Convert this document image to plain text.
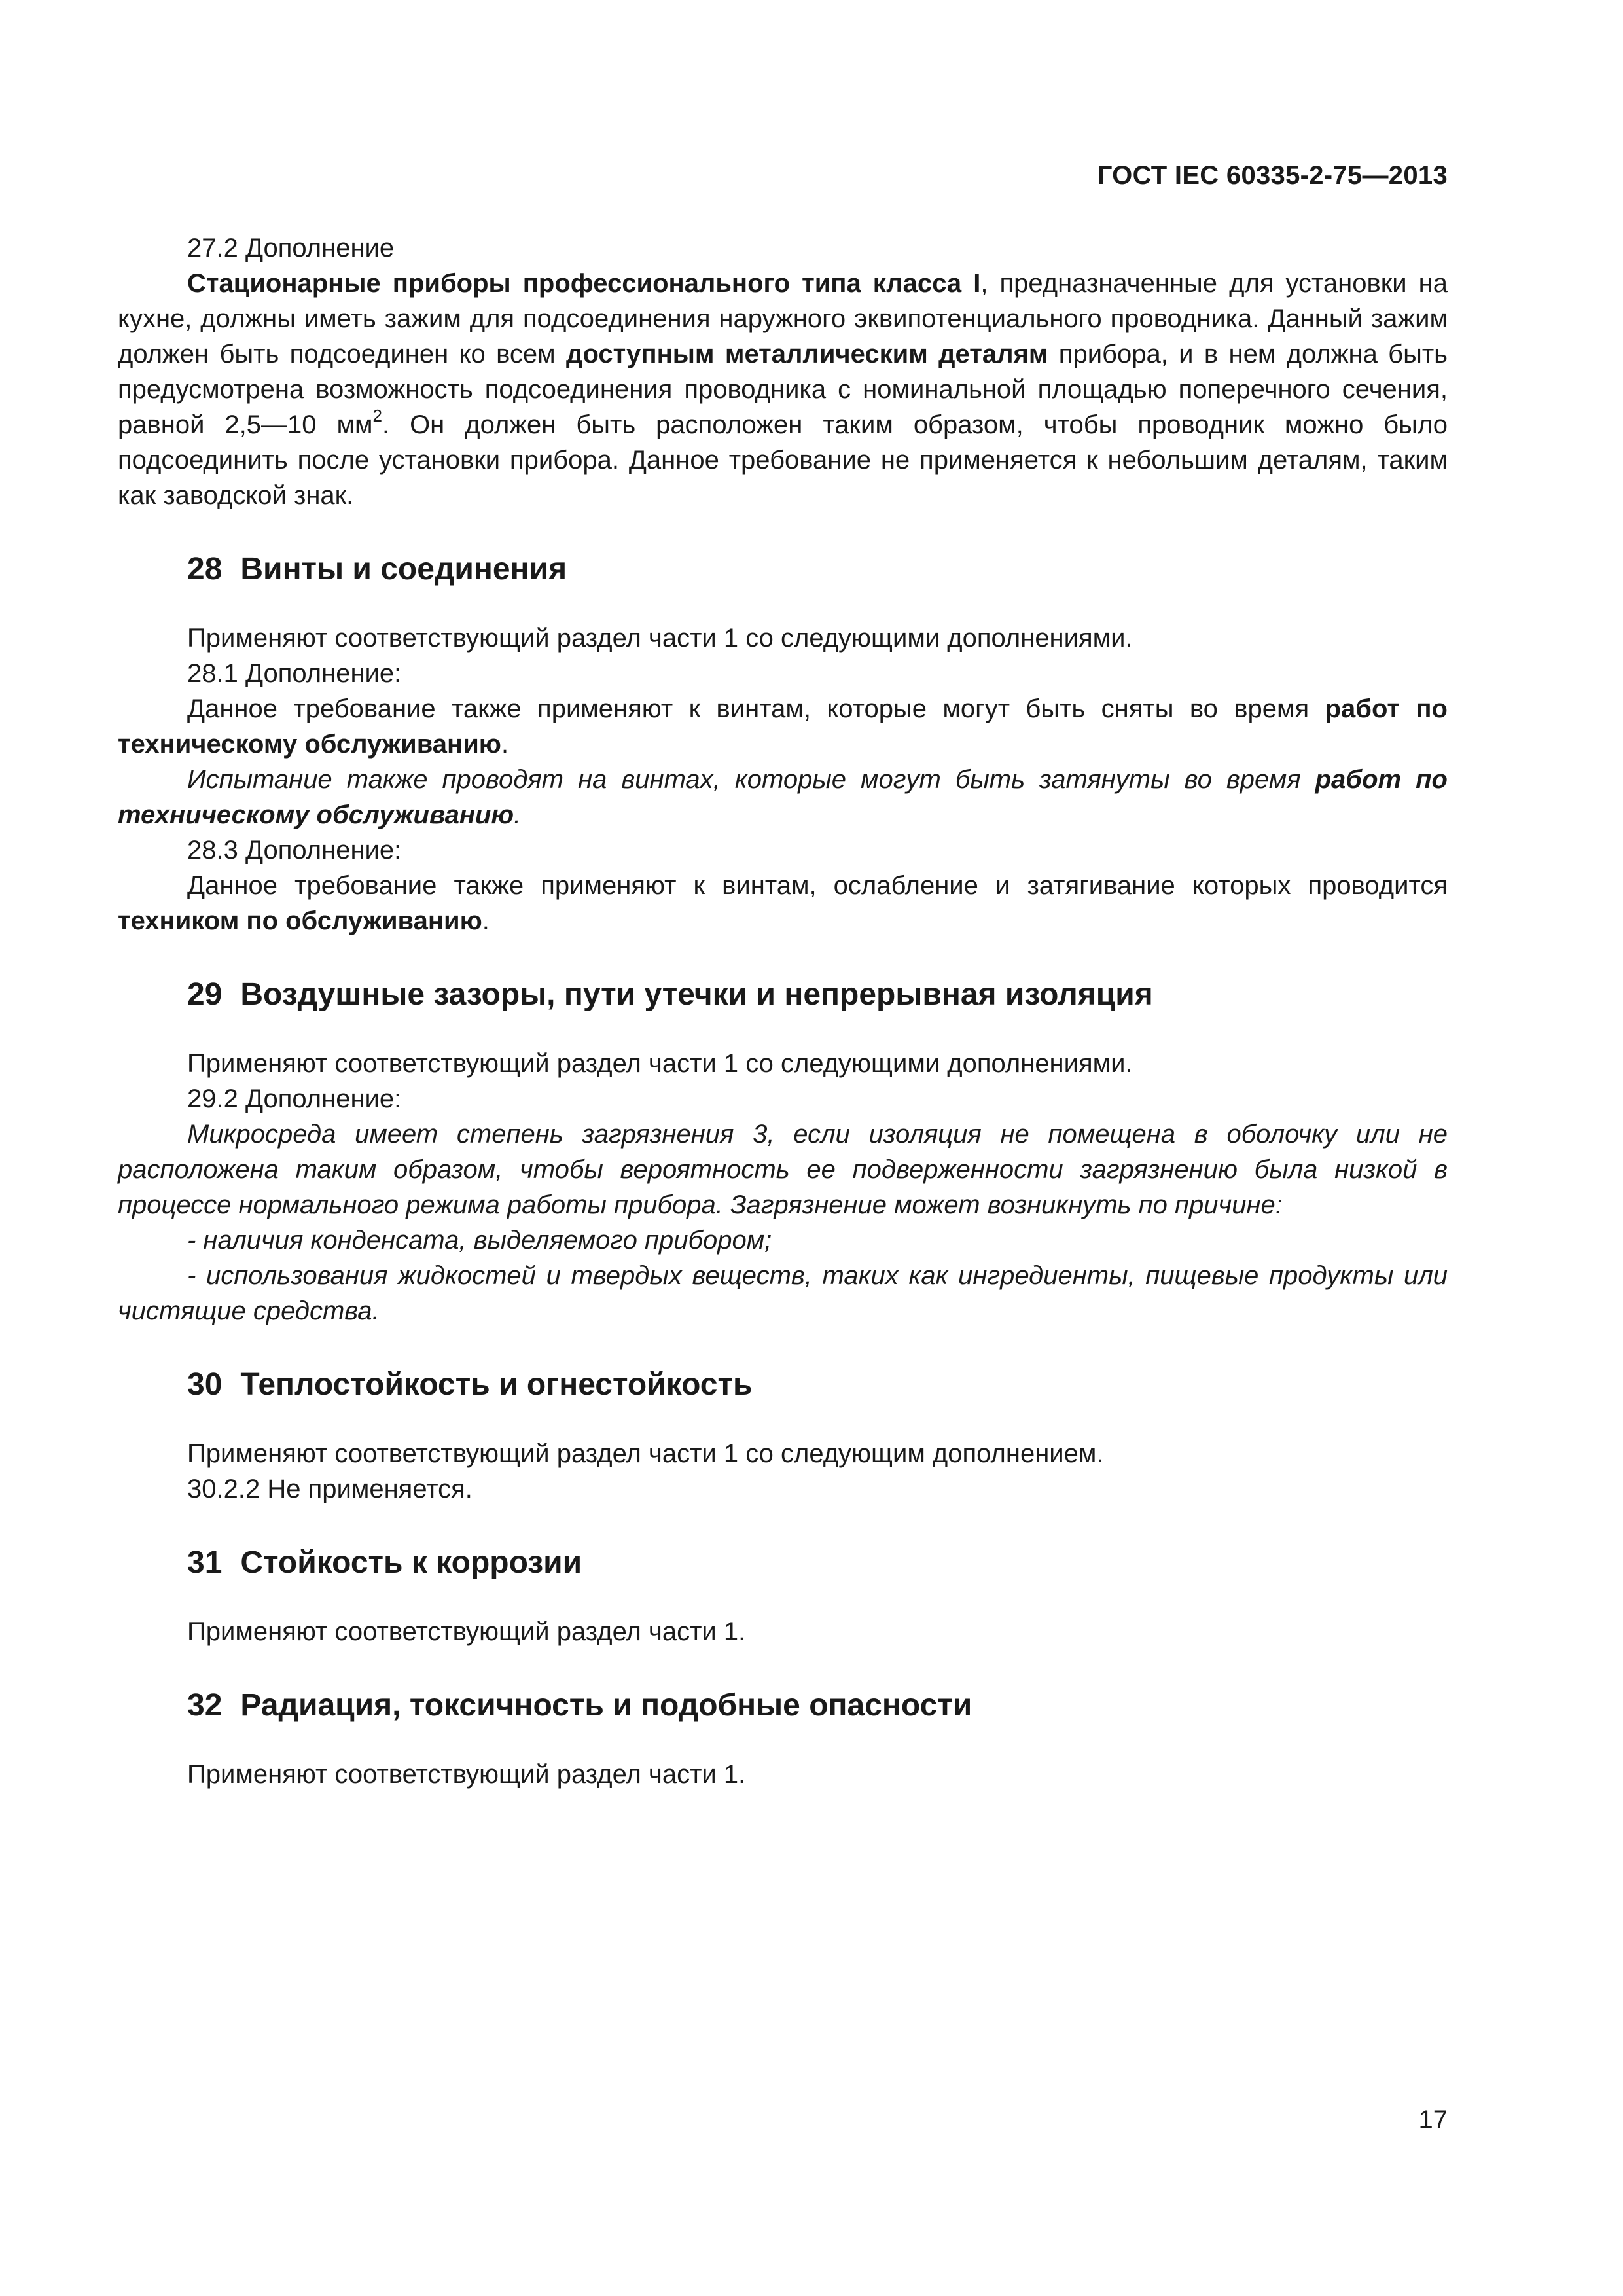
ГОСТ IEC 60335-2-75—2013

27.2 Дополнение

Стационарные приборы профессионального типа класса I, предназначенные для установки на кухне, должны иметь зажим для подсоединения наружного эквипотенциального проводника. Данный зажим должен быть подсоединен ко всем доступным металлическим деталям прибора, и в нем должна быть предусмотрена возможность подсоединения проводника с номинальной площадью поперечного сечения, равной 2,5—10 $мм^2$. Он должен быть расположен таким образом, чтобы проводник можно было подсоединить после установки прибора. Данное требование не применяется к небольшим деталям, таким как заводской знак.

28 Винты и соединения

Применяют соответствующий раздел части 1 со следующими дополнениями.

28.1 Дополнение:

Данное требование также применяют к винтам, которые могут быть сняты во время работ по техническому обслуживанию.

Испытание также проводят на винтах, которые могут быть затянуты во время работ по техническому обслуживанию.

28.3 Дополнение:

Данное требование также применяют к винтам, ослабление и затягивание которых проводится техником по обслуживанию.

29 Воздушные зазоры, пути утечки и непрерывная изоляция

Применяют соответствующий раздел части 1 со следующими дополнениями.

29.2 Дополнение:

Микросреда имеет степень загрязнения 3, если изоляция не помещена в оболочку или не расположена таким образом, чтобы вероятность ее подверженности загрязнению была низкой в процессе нормального режима работы прибора. Загрязнение может возникнуть по причине:

- наличия конденсата, выделяемого прибором;

- использования жидкостей и твердых веществ, таких как ингредиенты, пищевые продукты или чистящие средства.

30 Теплостойкость и огнестойкость

Применяют соответствующий раздел части 1 со следующим дополнением.

30.2.2 Не применяется.

31 Стойкость к коррозии

Применяют соответствующий раздел части 1.

32 Радиация, токсичность и подобные опасности

Применяют соответствующий раздел части 1.

17
